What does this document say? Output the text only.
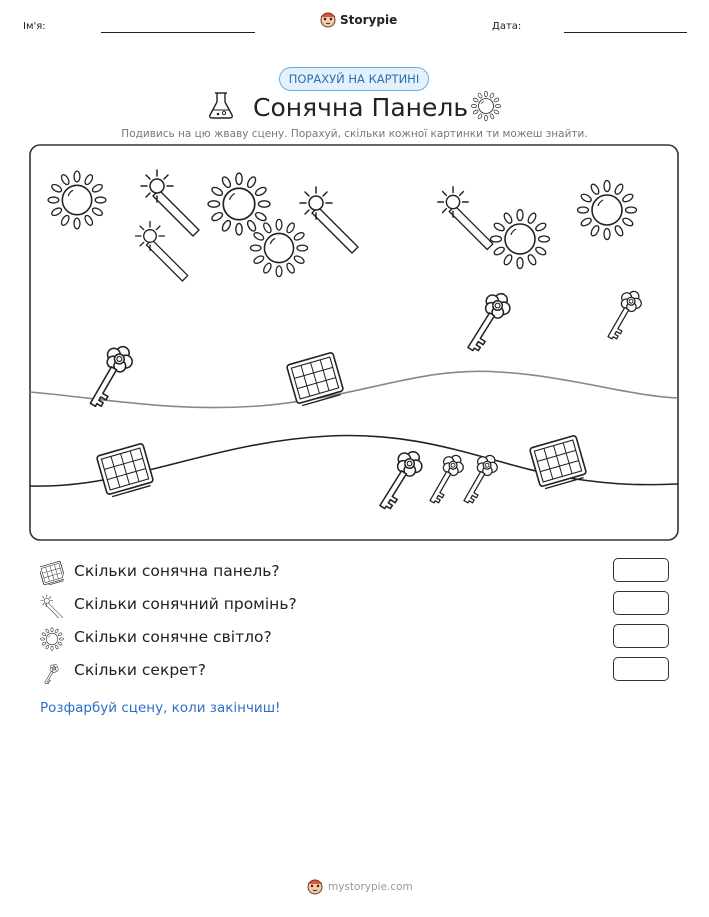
Ім'я:	Storypie	Дата:
ПОРАХУЙ НА КАРТИНІ
Сонячна Панель
Подивись на цю жваву сцену. Порахуй, скільки кожної картинки ти можеш знайти.
Скільки сонячна панель?
Скільки сонячний промінь?
Скільки сонячне світло?
Скільки секрет?
Розфарбуй сцену, коли закінчиш!
mystorypie.com
